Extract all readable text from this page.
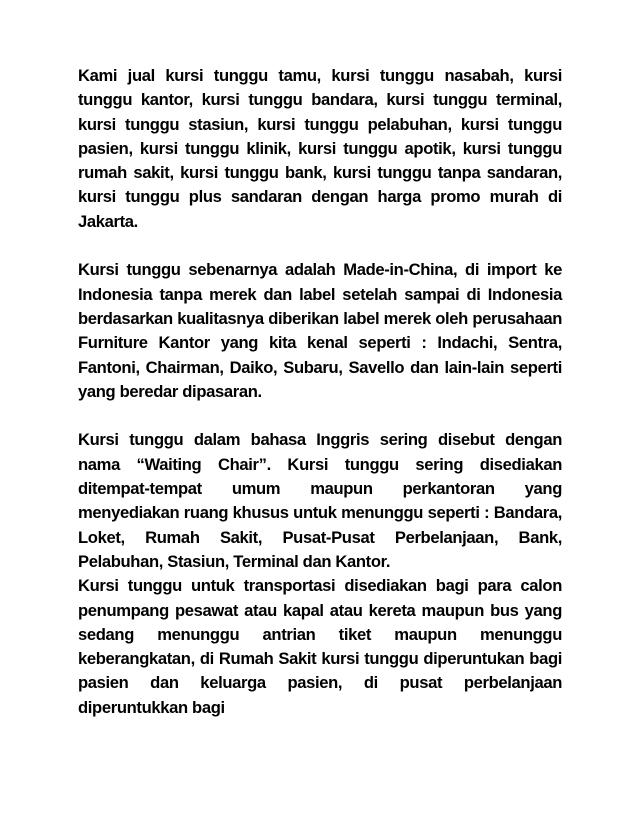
Kami jual kursi tunggu tamu, kursi tunggu nasabah, kursi tunggu kantor, kursi tunggu bandara, kursi tunggu terminal, kursi tunggu stasiun, kursi tunggu pelabuhan, kursi tunggu pasien, kursi tunggu klinik, kursi tunggu apotik, kursi tunggu rumah sakit, kursi tunggu bank, kursi tunggu tanpa sandaran, kursi tunggu plus sandaran dengan harga promo murah di Jakarta.

Kursi tunggu sebenarnya adalah Made-in-China, di import ke Indonesia tanpa merek dan label setelah sampai di Indonesia berdasarkan kualitasnya diberikan label merek oleh perusahaan Furniture Kantor yang kita kenal seperti : Indachi, Sentra, Fantoni, Chairman, Daiko, Subaru, Savello dan lain-lain seperti yang beredar dipasaran.

Kursi tunggu dalam bahasa Inggris sering disebut dengan nama “Waiting Chair”. Kursi tunggu sering disediakan ditempat-tempat umum maupun perkantoran yang menyediakan ruang khusus untuk menunggu seperti : Bandara, Loket, Rumah Sakit, Pusat-Pusat Perbelanjaan, Bank, Pelabuhan, Stasiun, Terminal dan Kantor.

Kursi tunggu untuk transportasi disediakan bagi para calon penumpang pesawat atau kapal atau kereta maupun bus yang sedang menunggu antrian tiket maupun menunggu keberangkatan, di Rumah Sakit kursi tunggu diperuntukan bagi pasien dan keluarga pasien, di pusat perbelanjaan diperuntukkan bagi
